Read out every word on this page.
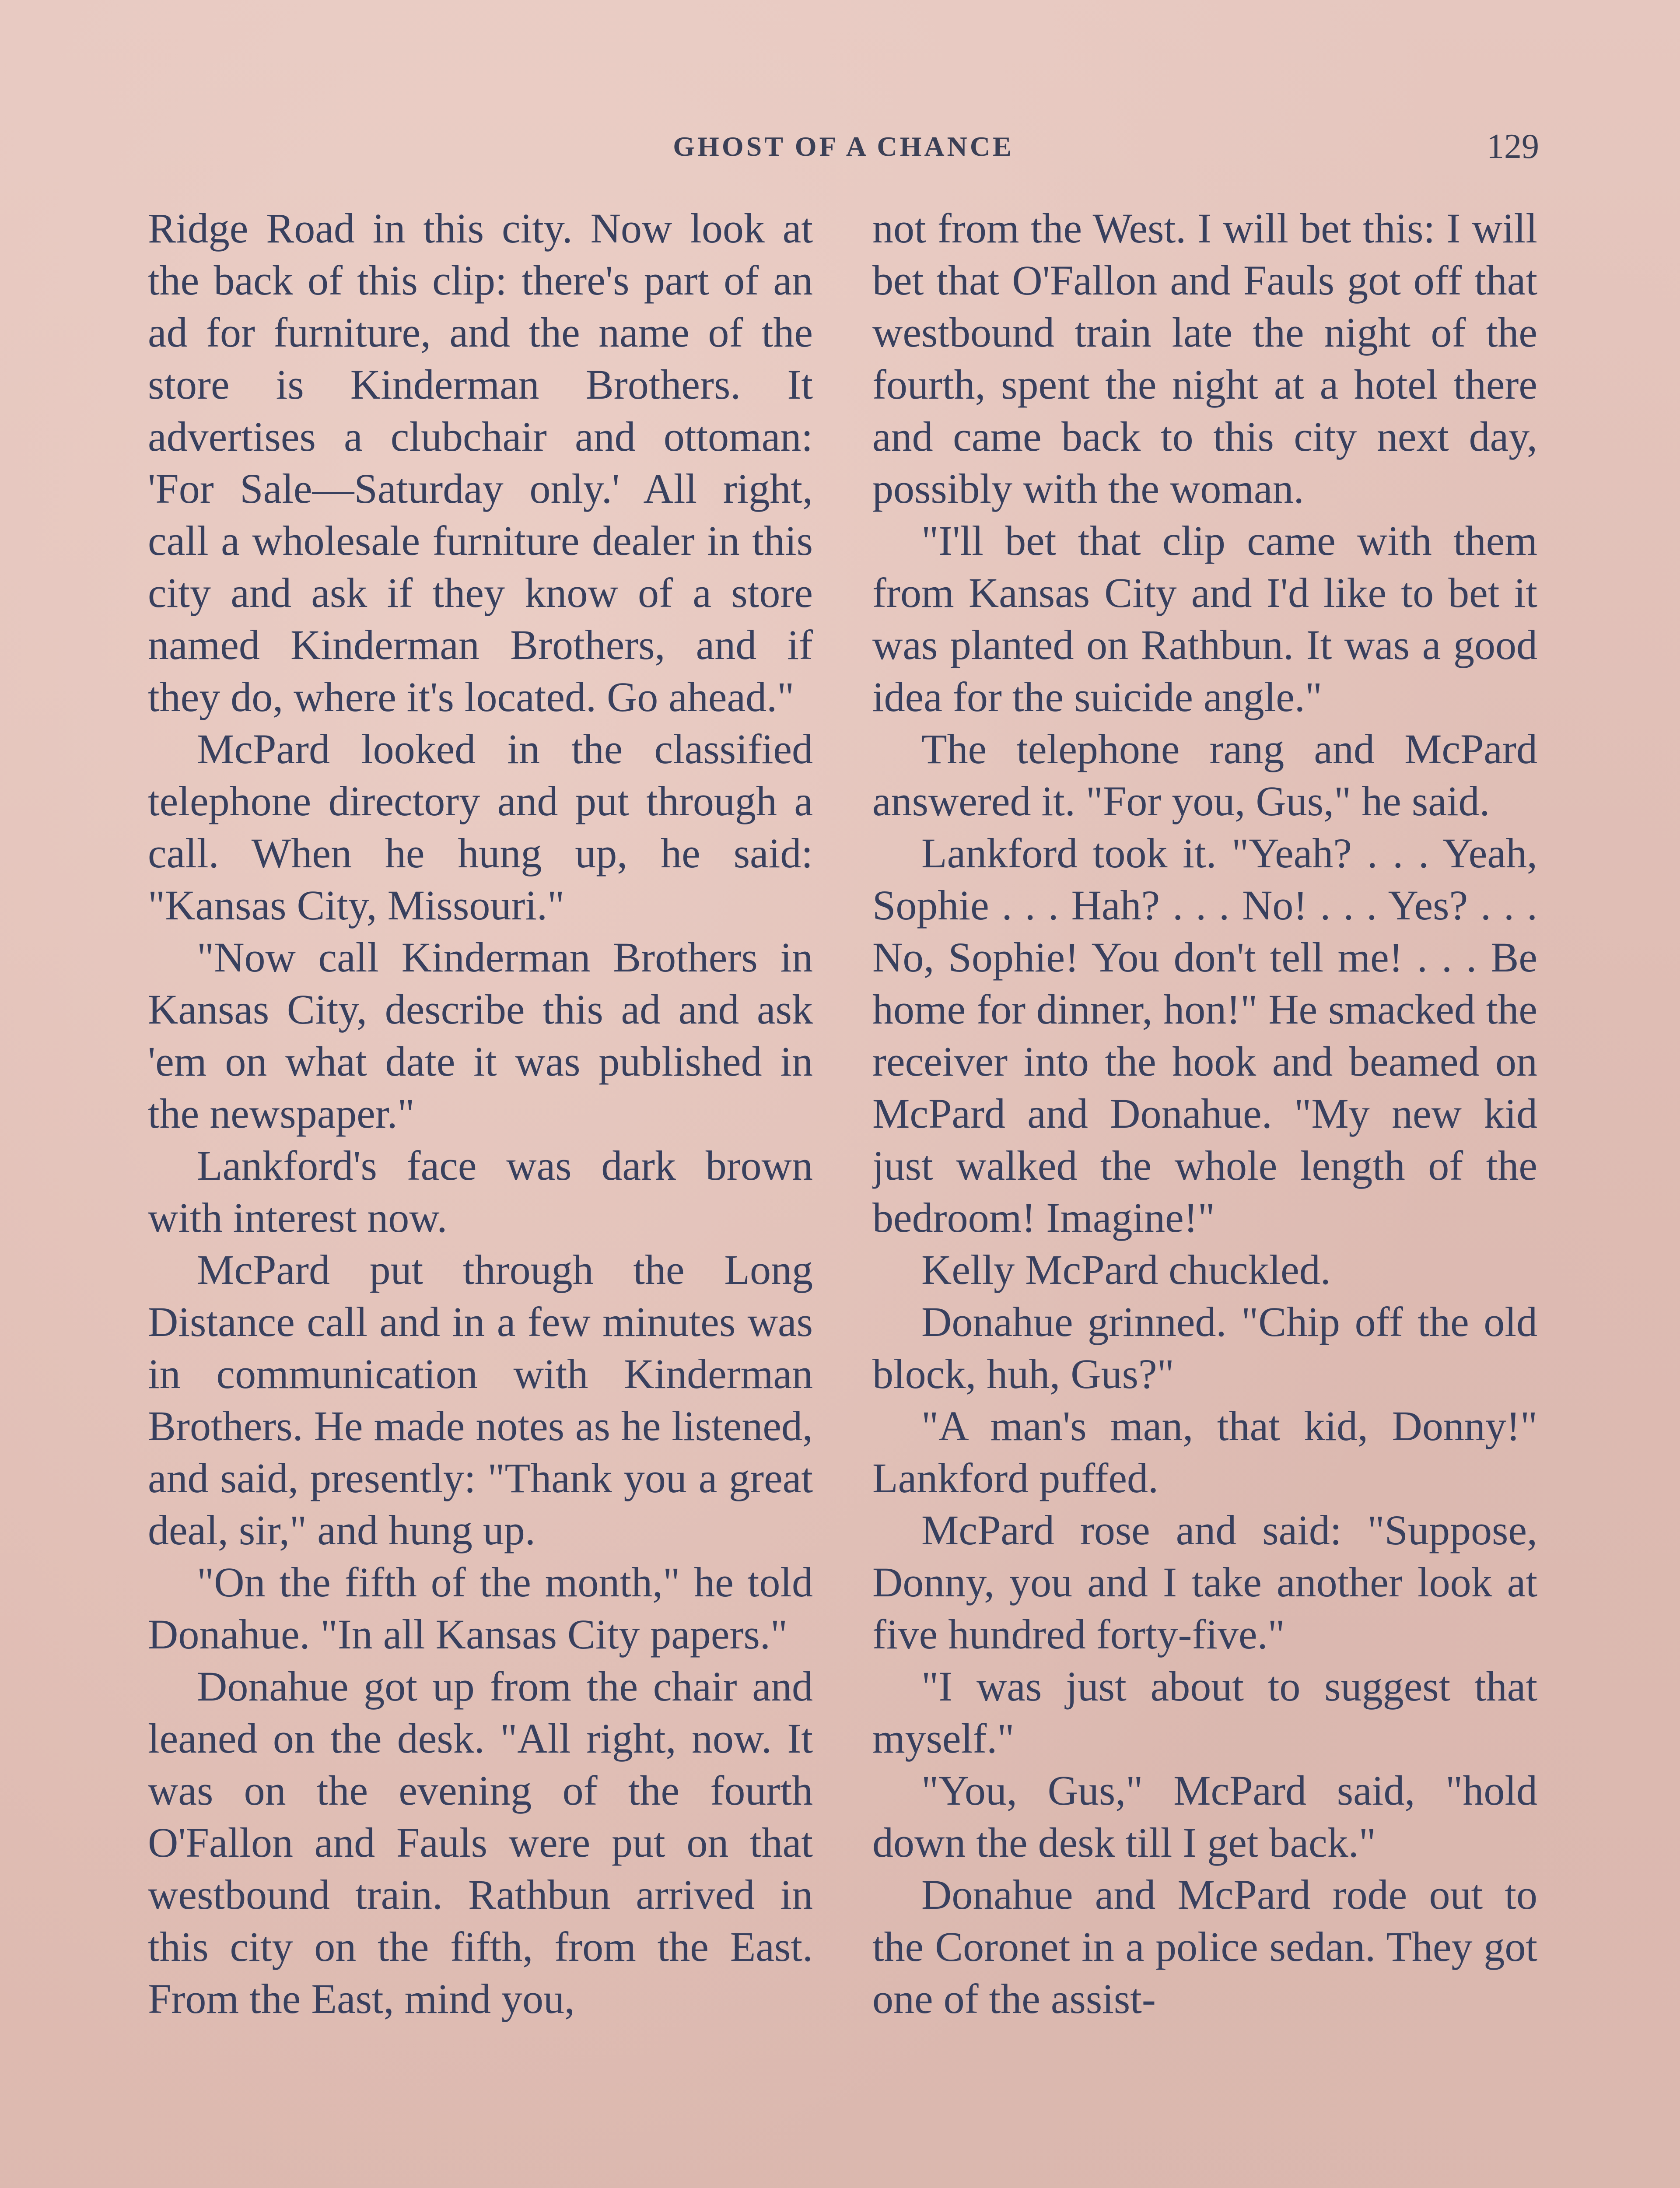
GHOST OF A CHANCE	129

Ridge Road in this city. Now look at the back of this clip: there's part of an ad for furniture, and the name of the store is Kinderman Brothers. It advertises a clubchair and ottoman: 'For Sale—Saturday only.' All right, call a wholesale furniture dealer in this city and ask if they know of a store named Kinderman Brothers, and if they do, where it's located. Go ahead."

McPard looked in the classified telephone directory and put through a call. When he hung up, he said: "Kansas City, Missouri."

"Now call Kinderman Brothers in Kansas City, describe this ad and ask 'em on what date it was published in the newspaper."

Lankford's face was dark brown with interest now.

McPard put through the Long Distance call and in a few minutes was in communication with Kinderman Brothers. He made notes as he listened, and said, presently: "Thank you a great deal, sir," and hung up.

"On the fifth of the month," he told Donahue. "In all Kansas City papers."

Donahue got up from the chair and leaned on the desk. "All right, now. It was on the evening of the fourth O'Fallon and Fauls were put on that westbound train. Rathbun arrived in this city on the fifth, from the East. From the East, mind you,

not from the West. I will bet this: I will bet that O'Fallon and Fauls got off that westbound train late the night of the fourth, spent the night at a hotel there and came back to this city next day, possibly with the woman.

"I'll bet that clip came with them from Kansas City and I'd like to bet it was planted on Rathbun. It was a good idea for the suicide angle."

The telephone rang and McPard answered it. "For you, Gus," he said.

Lankford took it. "Yeah? . . . Yeah, Sophie . . . Hah? . . . No! . . . Yes? . . . No, Sophie! You don't tell me! . . . Be home for dinner, hon!" He smacked the receiver into the hook and beamed on McPard and Donahue. "My new kid just walked the whole length of the bedroom! Imagine!"

Kelly McPard chuckled.

Donahue grinned. "Chip off the old block, huh, Gus?"

"A man's man, that kid, Donny!" Lankford puffed.

McPard rose and said: "Suppose, Donny, you and I take another look at five hundred forty-five."

"I was just about to suggest that myself."

"You, Gus," McPard said, "hold down the desk till I get back."

Donahue and McPard rode out to the Coronet in a police sedan. They got one of the assist-
